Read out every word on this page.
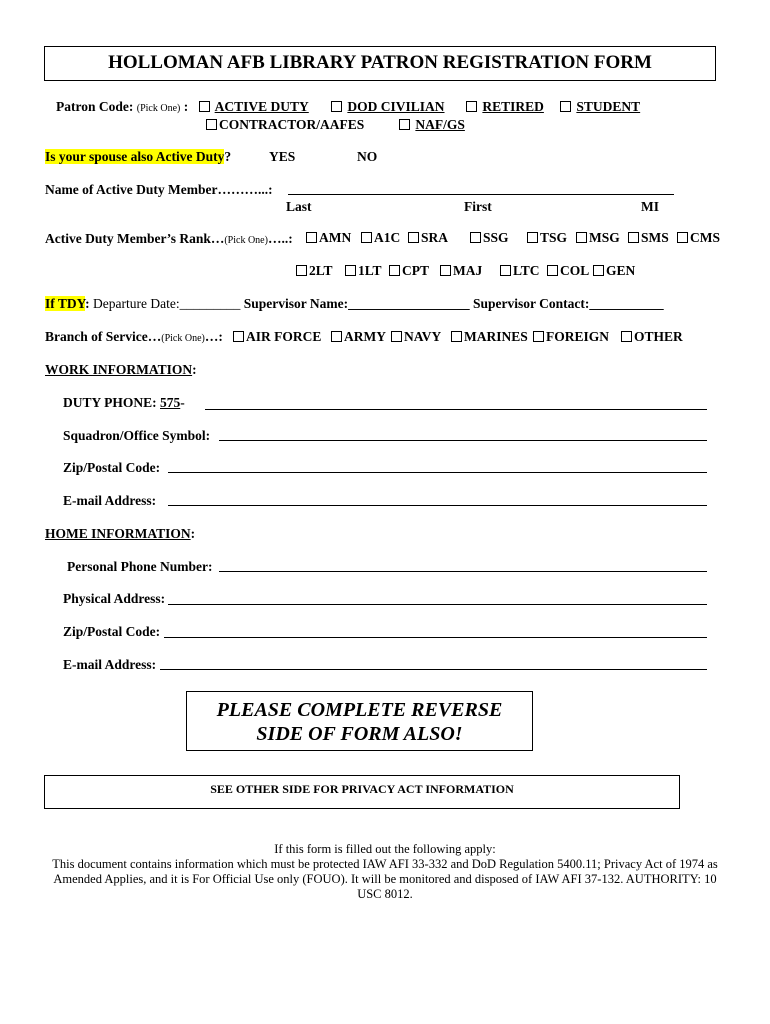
HOLLOMAN AFB LIBRARY PATRON REGISTRATION FORM
Patron Code: (Pick One) :	ACTIVE DUTY	DOD CIVILIAN	RETIRED	STUDENT
CONTRACTOR/AAFES	NAF/GS
Is your spouse also Active Duty?	YES	NO
Name of Active Duty Member………...:
Last	First	MI
Active Duty Member’s Rank…(Pick One)…..:	AMN	A1C	SRA	SSG	TSG	MSG	SMS	CMS
2LT	1LT	CPT	MAJ	LTC	COL	GEN
If TDY: Departure Date:_________ Supervisor Name:__________________ Supervisor Contact:___________
Branch of Service…(Pick One)…:	AIR FORCE	ARMY	NAVY	MARINES	FOREIGN	OTHER
WORK INFORMATION:
DUTY PHONE: 575-
Squadron/Office Symbol:
Zip/Postal Code:
E-mail Address:
HOME INFORMATION:
Personal Phone Number:
Physical Address:
Zip/Postal Code:
E-mail Address:
PLEASE COMPLETE REVERSE
SIDE OF FORM ALSO!
SEE OTHER SIDE FOR PRIVACY ACT INFORMATION
If this form is filled out the following apply:
This document contains information which must be protected IAW AFI 33-332 and DoD Regulation 5400.11; Privacy Act of 1974 as Amended Applies, and it is For Official Use only (FOUO). It will be monitored and disposed of IAW AFI 37-132. AUTHORITY: 10 USC 8012.
